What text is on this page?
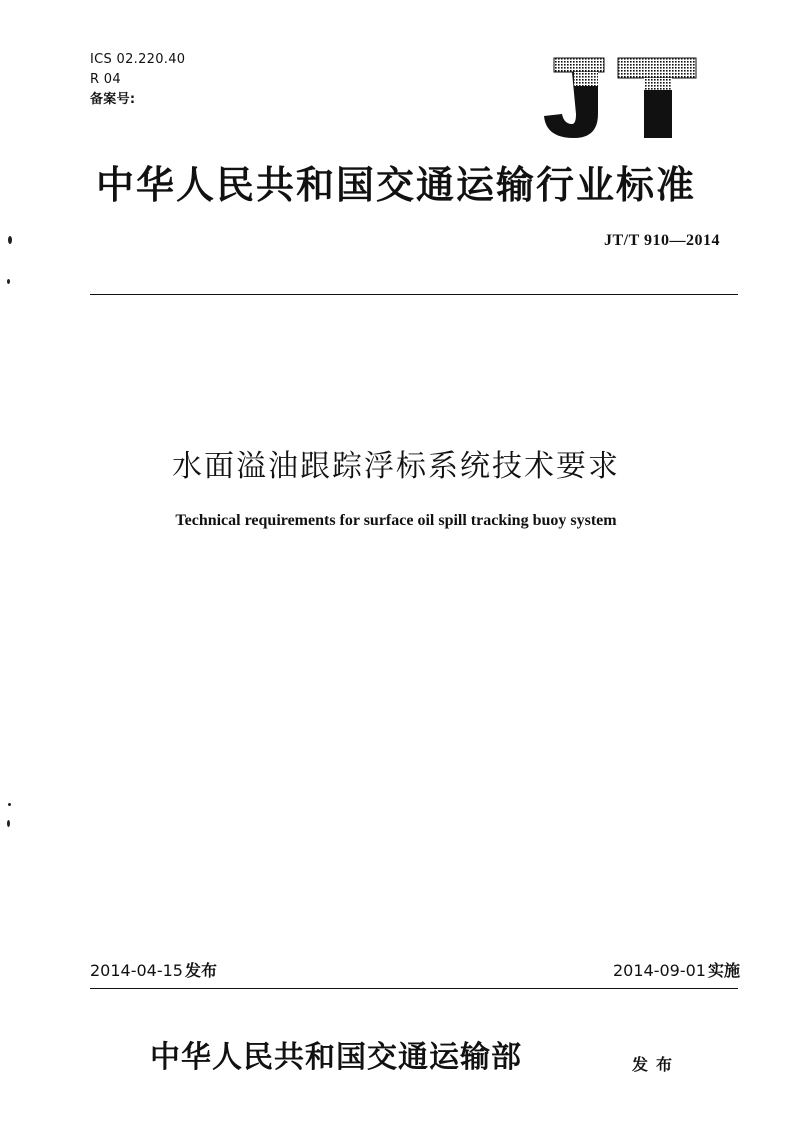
ICS 02.220.40
R 04
备案号:
中华人民共和国交通运输行业标准
JT/T 910—2014
水面溢油跟踪浮标系统技术要求
Technical requirements for surface oil spill tracking buoy system
2014-04-15 发布	2014-09-01 实施
中华人民共和国交通运输部	发布
